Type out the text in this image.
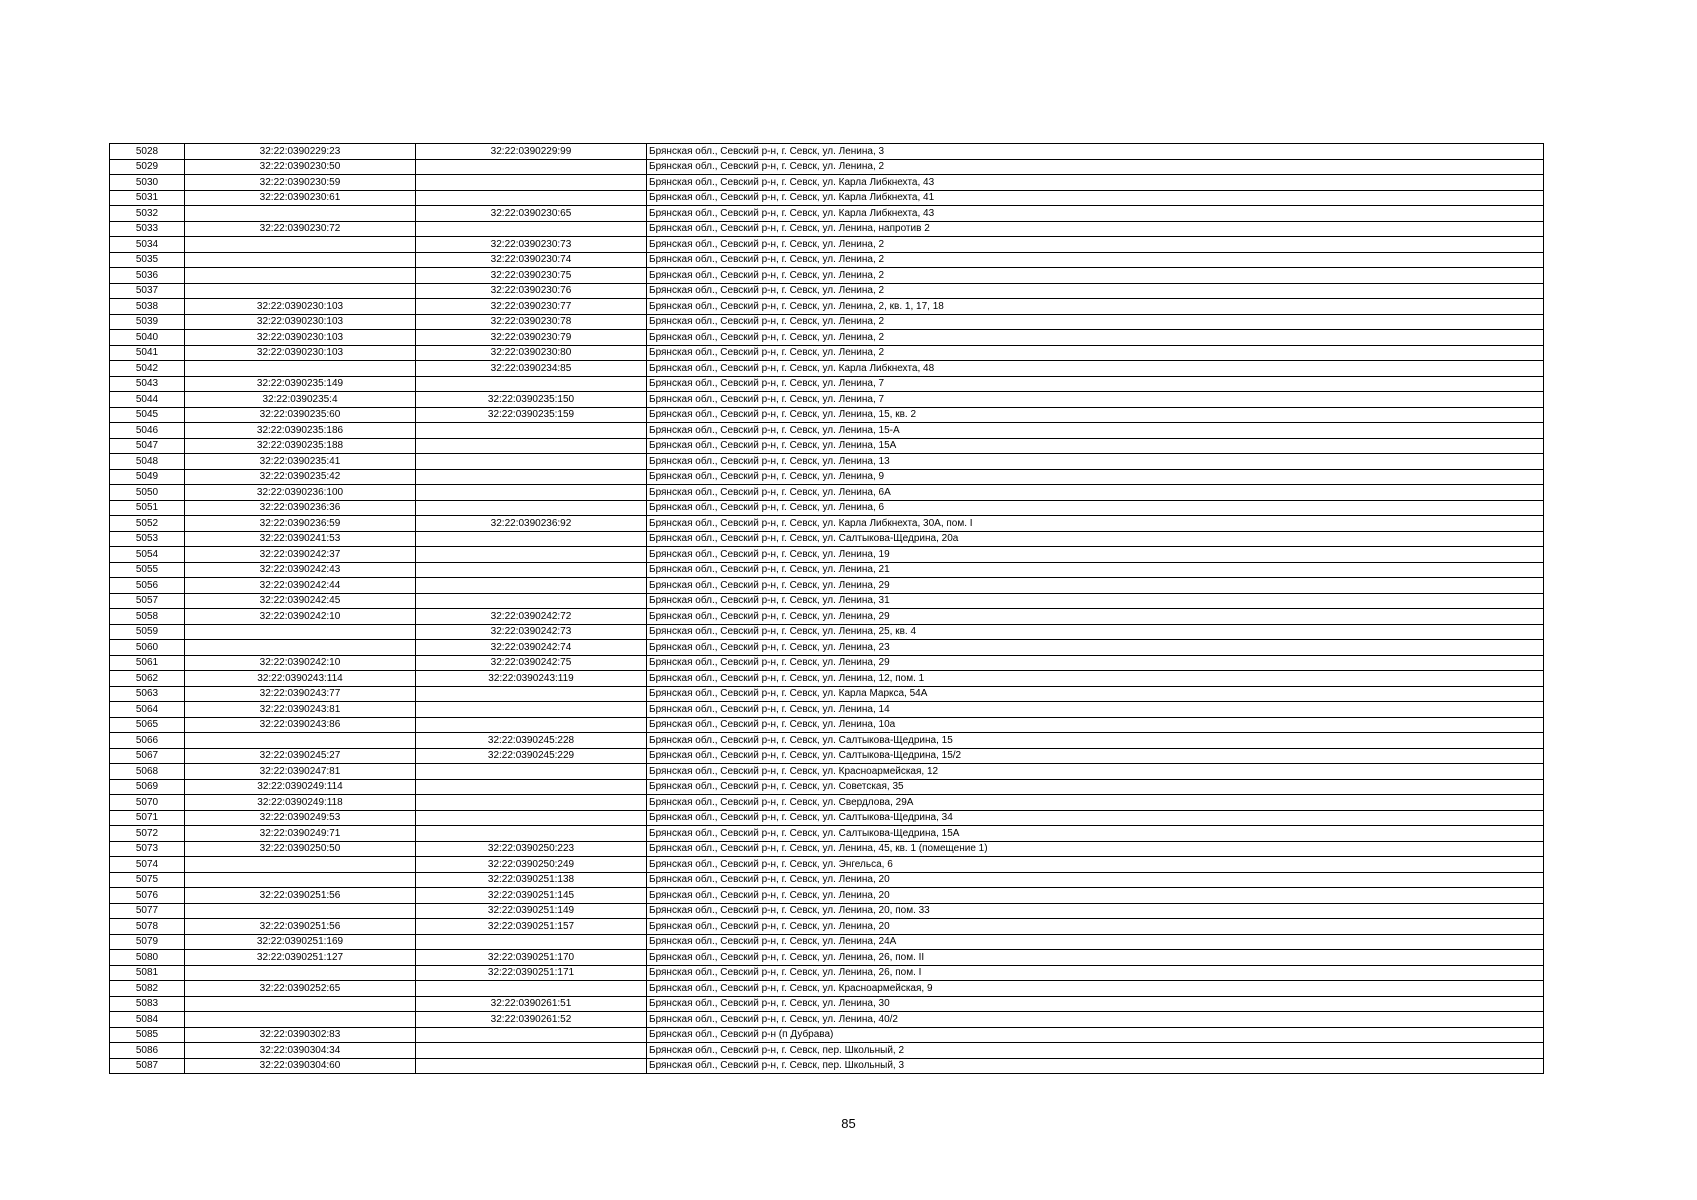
5028	32:22:0390229:23	32:22:0390229:99	Брянская обл., Севский р-н, г. Севск, ул. Ленина, 3
5029	32:22:0390230:50		Брянская обл., Севский р-н, г. Севск, ул. Ленина, 2
5030	32:22:0390230:59		Брянская обл., Севский р-н, г. Севск, ул. Карла Либкнехта, 43
5031	32:22:0390230:61		Брянская обл., Севский р-н, г. Севск, ул. Карла Либкнехта, 41
5032		32:22:0390230:65	Брянская обл., Севский р-н, г. Севск, ул. Карла Либкнехта, 43
5033	32:22:0390230:72		Брянская обл., Севский р-н, г. Севск, ул. Ленина, напротив 2
5034		32:22:0390230:73	Брянская обл., Севский р-н, г. Севск, ул. Ленина, 2
5035		32:22:0390230:74	Брянская обл., Севский р-н, г. Севск, ул. Ленина, 2
5036		32:22:0390230:75	Брянская обл., Севский р-н, г. Севск, ул. Ленина, 2
5037		32:22:0390230:76	Брянская обл., Севский р-н, г. Севск, ул. Ленина, 2
5038	32:22:0390230:103	32:22:0390230:77	Брянская обл., Севский р-н, г. Севск, ул. Ленина, 2, кв. 1, 17, 18
5039	32:22:0390230:103	32:22:0390230:78	Брянская обл., Севский р-н, г. Севск, ул. Ленина, 2
5040	32:22:0390230:103	32:22:0390230:79	Брянская обл., Севский р-н, г. Севск, ул. Ленина, 2
5041	32:22:0390230:103	32:22:0390230:80	Брянская обл., Севский р-н, г. Севск, ул. Ленина, 2
5042		32:22:0390234:85	Брянская обл., Севский р-н, г. Севск, ул. Карла Либкнехта, 48
5043	32:22:0390235:149		Брянская обл., Севский р-н, г. Севск, ул. Ленина, 7
5044	32:22:0390235:4	32:22:0390235:150	Брянская обл., Севский р-н, г. Севск, ул. Ленина, 7
5045	32:22:0390235:60	32:22:0390235:159	Брянская обл., Севский р-н, г. Севск, ул. Ленина, 15, кв. 2
5046	32:22:0390235:186		Брянская обл., Севский р-н, г. Севск, ул. Ленина, 15-А
5047	32:22:0390235:188		Брянская обл., Севский р-н, г. Севск, ул. Ленина, 15А
5048	32:22:0390235:41		Брянская обл., Севский р-н, г. Севск, ул. Ленина, 13
5049	32:22:0390235:42		Брянская обл., Севский р-н, г. Севск, ул. Ленина, 9
5050	32:22:0390236:100		Брянская обл., Севский р-н, г. Севск, ул. Ленина, 6А
5051	32:22:0390236:36		Брянская обл., Севский р-н, г. Севск, ул. Ленина, 6
5052	32:22:0390236:59	32:22:0390236:92	Брянская обл., Севский р-н, г. Севск, ул. Карла Либкнехта, 30А, пом. I
5053	32:22:0390241:53		Брянская обл., Севский р-н, г. Севск, ул. Салтыкова-Щедрина, 20а
5054	32:22:0390242:37		Брянская обл., Севский р-н, г. Севск, ул. Ленина, 19
5055	32:22:0390242:43		Брянская обл., Севский р-н, г. Севск, ул. Ленина, 21
5056	32:22:0390242:44		Брянская обл., Севский р-н, г. Севск, ул. Ленина, 29
5057	32:22:0390242:45		Брянская обл., Севский р-н, г. Севск, ул. Ленина, 31
5058	32:22:0390242:10	32:22:0390242:72	Брянская обл., Севский р-н, г. Севск, ул. Ленина, 29
5059		32:22:0390242:73	Брянская обл., Севский р-н, г. Севск, ул. Ленина, 25, кв. 4
5060		32:22:0390242:74	Брянская обл., Севский р-н, г. Севск, ул. Ленина, 23
5061	32:22:0390242:10	32:22:0390242:75	Брянская обл., Севский р-н, г. Севск, ул. Ленина, 29
5062	32:22:0390243:114	32:22:0390243:119	Брянская обл., Севский р-н, г. Севск, ул. Ленина, 12, пом. 1
5063	32:22:0390243:77		Брянская обл., Севский р-н, г. Севск, ул. Карла Маркса, 54А
5064	32:22:0390243:81		Брянская обл., Севский р-н, г. Севск, ул. Ленина, 14
5065	32:22:0390243:86		Брянская обл., Севский р-н, г. Севск, ул. Ленина, 10а
5066		32:22:0390245:228	Брянская обл., Севский р-н, г. Севск, ул. Салтыкова-Щедрина, 15
5067	32:22:0390245:27	32:22:0390245:229	Брянская обл., Севский р-н, г. Севск, ул. Салтыкова-Щедрина, 15/2
5068	32:22:0390247:81		Брянская обл., Севский р-н, г. Севск, ул. Красноармейская, 12
5069	32:22:0390249:114		Брянская обл., Севский р-н, г. Севск, ул. Советская, 35
5070	32:22:0390249:118		Брянская обл., Севский р-н, г. Севск, ул. Свердлова, 29А
5071	32:22:0390249:53		Брянская обл., Севский р-н, г. Севск, ул. Салтыкова-Щедрина, 34
5072	32:22:0390249:71		Брянская обл., Севский р-н, г. Севск, ул. Салтыкова-Щедрина, 15А
5073	32:22:0390250:50	32:22:0390250:223	Брянская обл., Севский р-н, г. Севск, ул. Ленина, 45, кв. 1 (помещение 1)
5074		32:22:0390250:249	Брянская обл., Севский р-н, г. Севск, ул. Энгельса, 6
5075		32:22:0390251:138	Брянская обл., Севский р-н, г. Севск, ул. Ленина, 20
5076	32:22:0390251:56	32:22:0390251:145	Брянская обл., Севский р-н, г. Севск, ул. Ленина, 20
5077		32:22:0390251:149	Брянская обл., Севский р-н, г. Севск, ул. Ленина, 20, пом. 33
5078	32:22:0390251:56	32:22:0390251:157	Брянская обл., Севский р-н, г. Севск, ул. Ленина, 20
5079	32:22:0390251:169		Брянская обл., Севский р-н, г. Севск, ул. Ленина, 24А
5080	32:22:0390251:127	32:22:0390251:170	Брянская обл., Севский р-н, г. Севск, ул. Ленина, 26, пом. II
5081		32:22:0390251:171	Брянская обл., Севский р-н, г. Севск, ул. Ленина, 26, пом. I
5082	32:22:0390252:65		Брянская обл., Севский р-н, г. Севск, ул. Красноармейская, 9
5083		32:22:0390261:51	Брянская обл., Севский р-н, г. Севск, ул. Ленина, 30
5084		32:22:0390261:52	Брянская обл., Севский р-н, г. Севск, ул. Ленина, 40/2
5085	32:22:0390302:83		Брянская обл., Севский р-н (п Дубрава)
5086	32:22:0390304:34		Брянская обл., Севский р-н, г. Севск, пер. Школьный, 2
5087	32:22:0390304:60		Брянская обл., Севский р-н, г. Севск, пер. Школьный, 3
85
